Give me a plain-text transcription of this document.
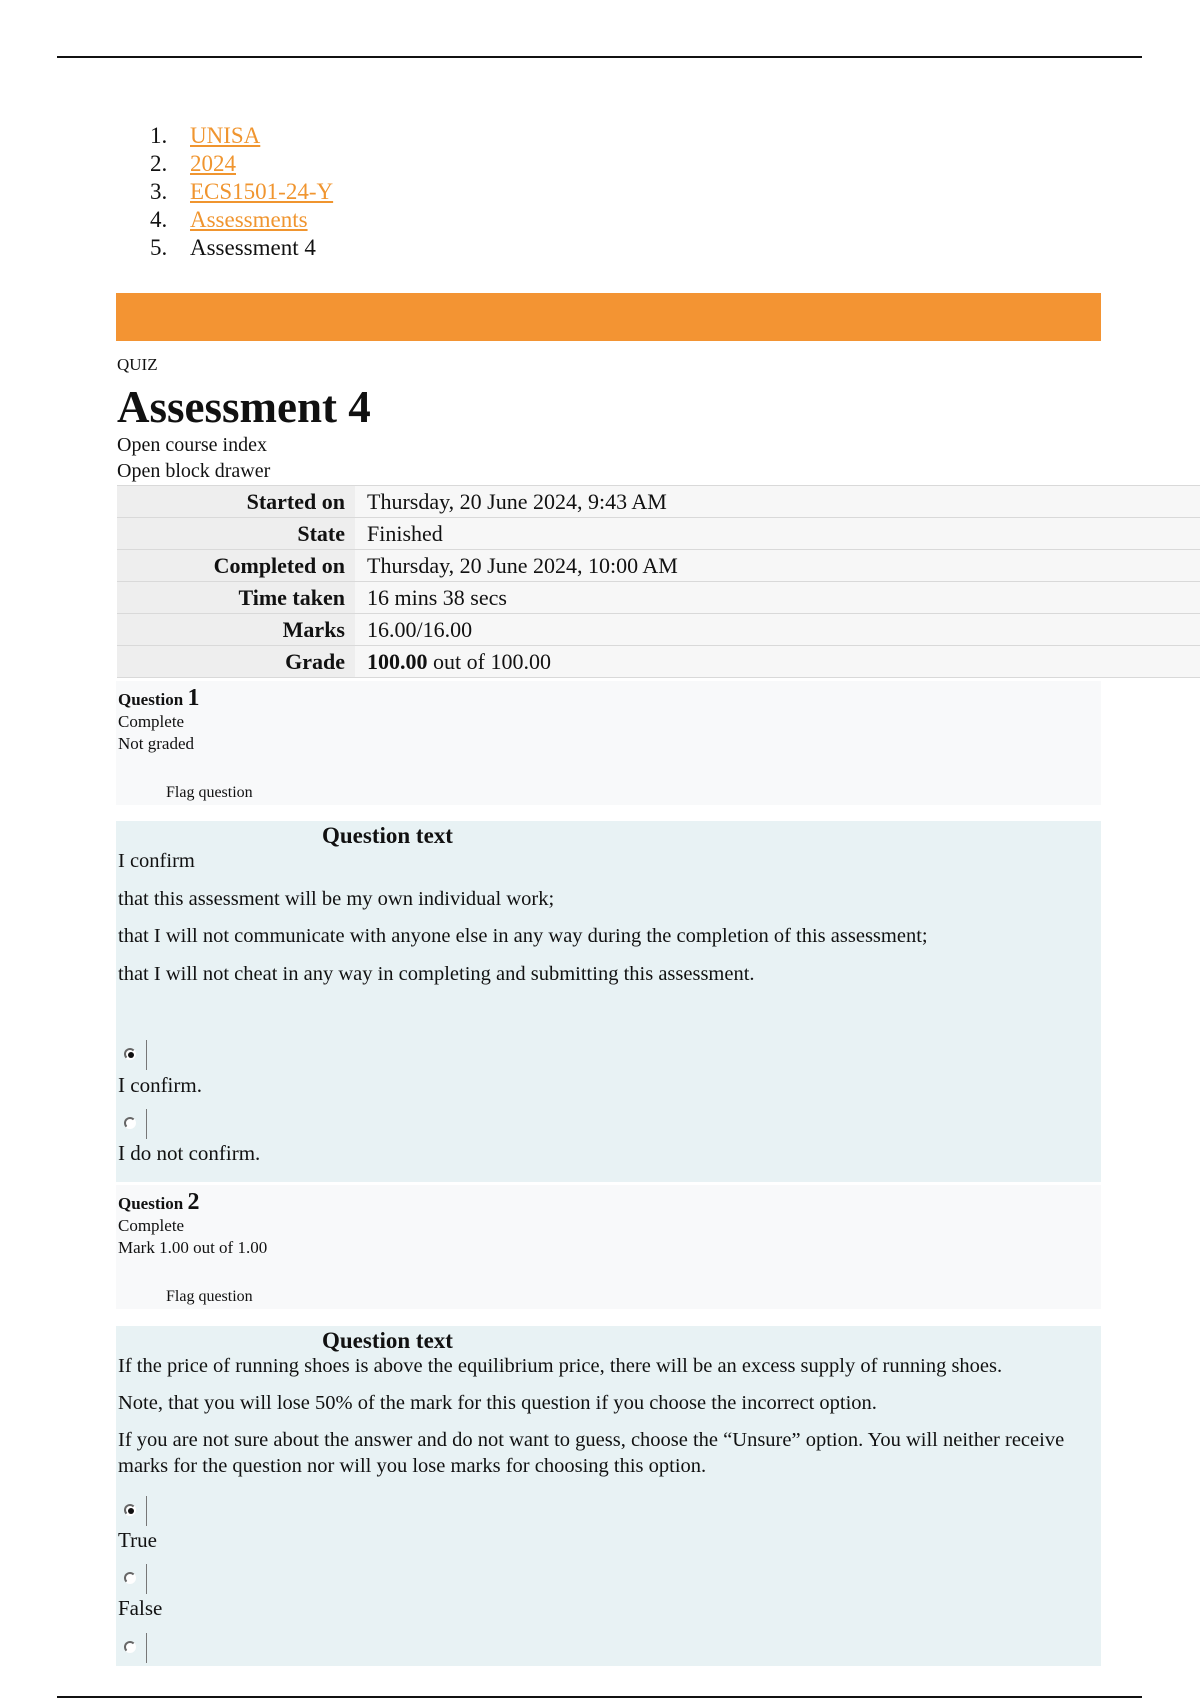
1. UNISA
2. 2024
3. ECS1501-24-Y
4. Assessments
5. Assessment 4
QUIZ
Assessment 4
Open course index
Open block drawer
Started on	Thursday, 20 June 2024, 9:43 AM
State	Finished
Completed on	Thursday, 20 June 2024, 10:00 AM
Time taken	16 mins 38 secs
Marks	16.00/16.00
Grade	100.00 out of 100.00
Question 1
Complete
Not graded
Flag question
Question text
I confirm
that this assessment will be my own individual work;
that I will not communicate with anyone else in any way during the completion of this assessment;
that I will not cheat in any way in completing and submitting this assessment.
I confirm.
I do not confirm.
Question 2
Complete
Mark 1.00 out of 1.00
Flag question
Question text
If the price of running shoes is above the equilibrium price, there will be an excess supply of running shoes.
Note, that you will lose 50% of the mark for this question if you choose the incorrect option.
If you are not sure about the answer and do not want to guess, choose the “Unsure” option. You will neither receive marks for the question nor will you lose marks for choosing this option.
True
False
